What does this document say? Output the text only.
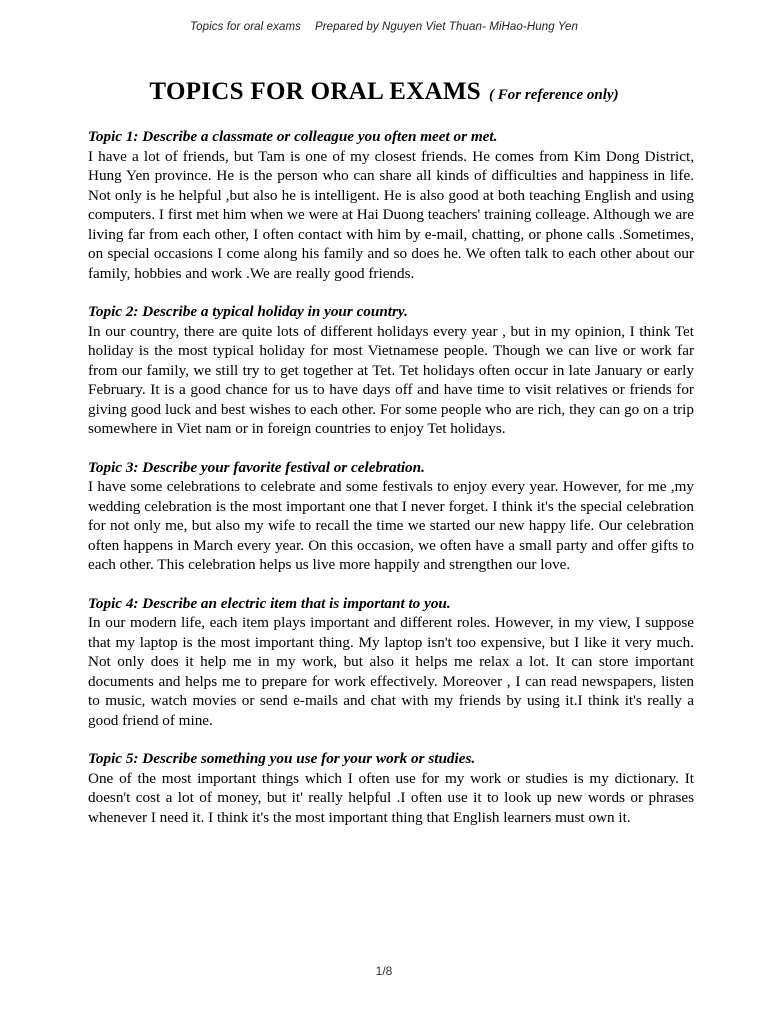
Topics for oral exams Prepared by Nguyen Viet Thuan- MiHao-Hung Yen
TOPICS FOR ORAL EXAMS ( For reference only)

Topic 1: Describe a classmate or colleague you often meet or met.

I have a lot of friends, but Tam is one of my closest friends. He comes from Kim Dong District, Hung Yen province. He is the person who can share all kinds of difficulties and happiness in life. Not only is he helpful ,but also he is intelligent. He is also good at both teaching English and using computers. I first met him when we were at Hai Duong teachers' training colleage. Although we are living far from each other, I often contact with him by e-mail, chatting, or phone calls .Sometimes, on special occasions I come along his family and so does he. We often talk to each other about our family, hobbies and work .We are really good friends.

Topic 2: Describe a typical holiday in your country.

In our country, there are quite lots of different holidays every year , but in my opinion, I think Tet holiday is the most typical holiday for most Vietnamese people. Though we can live or work far from our family, we still try to get together at Tet. Tet holidays often occur in late January or early February. It is a good chance for us to have days off and have time to visit relatives or friends for giving good luck and best wishes to each other. For some people who are rich, they can go on a trip somewhere in Viet nam or in foreign countries to enjoy Tet holidays.

Topic 3: Describe your favorite festival or celebration.

I have some celebrations to celebrate and some festivals to enjoy every year. However, for me ,my wedding celebration is the most important one that I never forget. I think it's the special celebration for not only me, but also my wife to recall the time we started our new happy life. Our celebration often happens in March every year. On this occasion, we often have a small party and offer gifts to each other. This celebration helps us live more happily and strengthen our love.

Topic 4: Describe an electric item that is important to you.

In our modern life, each item plays important and different roles. However, in my view, I suppose that my laptop is the most important thing. My laptop isn't too expensive, but I like it very much. Not only does it help me in my work, but also it helps me relax a lot. It can store important documents and helps me to prepare for work effectively. Moreover , I can read newspapers, listen to music, watch movies or send e-mails and chat with my friends by using it.I think it's really a good friend of mine.

Topic 5: Describe something you use for your work or studies.

One of the most important things which I often use for my work or studies is my dictionary. It doesn't cost a lot of money, but it' really helpful .I often use it to look up new words or phrases whenever I need it. I think it's the most important thing that English learners must own it.

1/8
